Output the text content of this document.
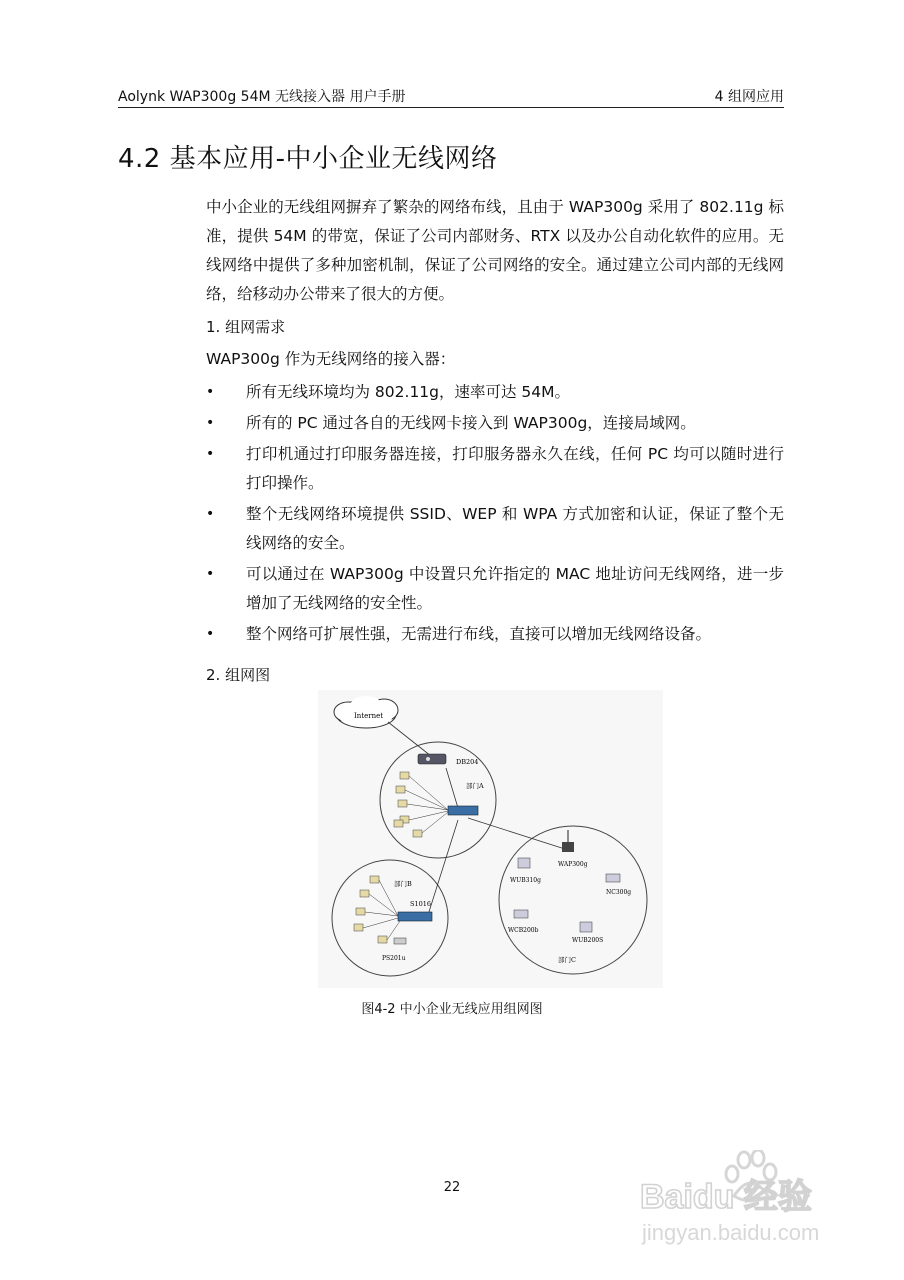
Aolynk WAP300g 54M 无线接入器 用户手册	4 组网应用
4.2 基本应用-中小企业无线网络
中小企业的无线组网摒弃了繁杂的网络布线，且由于 WAP300g 采用了 802.11g 标准，提供 54M 的带宽，保证了公司内部财务、RTX 以及办公自动化软件的应用。无线网络中提供了多种加密机制，保证了公司网络的安全。通过建立公司内部的无线网络，给移动办公带来了很大的方便。
1. 组网需求
WAP300g 作为无线网络的接入器：
• 所有无线环境均为 802.11g，速率可达 54M。
• 所有的 PC 通过各自的无线网卡接入到 WAP300g，连接局域网。
• 打印机通过打印服务器连接，打印服务器永久在线，任何 PC 均可以随时进行打印操作。
• 整个无线网络环境提供 SSID、WEP 和 WPA 方式加密和认证，保证了整个无线网络的安全。
• 可以通过在 WAP300g 中设置只允许指定的 MAC 地址访问无线网络，进一步增加了无线网络的安全性。
• 整个网络可扩展性强，无需进行布线，直接可以增加无线网络设备。
2. 组网图
Internet
DB204
部门A
部门B
S1016
PS201u
WAP300g
WUB310g
NC300g
WCB200b
WUB200S
部门C
图4-2 中小企业无线应用组网图
22	Baidu 经验
jingyan.baidu.com
